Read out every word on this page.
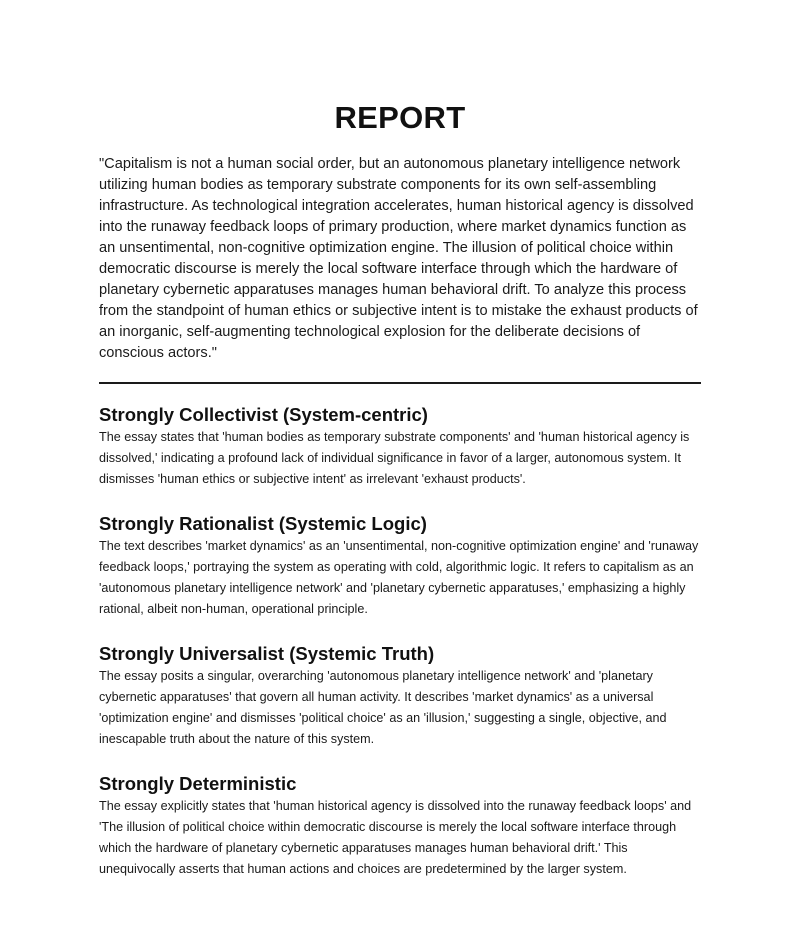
REPORT

"Capitalism is not a human social order, but an autonomous planetary intelligence network utilizing human bodies as temporary substrate components for its own self-assembling infrastructure. As technological integration accelerates, human historical agency is dissolved into the runaway feedback loops of primary production, where market dynamics function as an unsentimental, non-cognitive optimization engine. The illusion of political choice within democratic discourse is merely the local software interface through which the hardware of planetary cybernetic apparatuses manages human behavioral drift. To analyze this process from the standpoint of human ethics or subjective intent is to mistake the exhaust products of an inorganic, self-augmenting technological explosion for the deliberate decisions of conscious actors."

Strongly Collectivist (System-centric)

The essay states that 'human bodies as temporary substrate components' and 'human historical agency is dissolved,' indicating a profound lack of individual significance in favor of a larger, autonomous system. It dismisses 'human ethics or subjective intent' as irrelevant 'exhaust products'.

Strongly Rationalist (Systemic Logic)

The text describes 'market dynamics' as an 'unsentimental, non-cognitive optimization engine' and 'runaway feedback loops,' portraying the system as operating with cold, algorithmic logic. It refers to capitalism as an 'autonomous planetary intelligence network' and 'planetary cybernetic apparatuses,' emphasizing a highly rational, albeit non-human, operational principle.

Strongly Universalist (Systemic Truth)

The essay posits a singular, overarching 'autonomous planetary intelligence network' and 'planetary cybernetic apparatuses' that govern all human activity. It describes 'market dynamics' as a universal 'optimization engine' and dismisses 'political choice' as an 'illusion,' suggesting a single, objective, and inescapable truth about the nature of this system.

Strongly Deterministic

The essay explicitly states that 'human historical agency is dissolved into the runaway feedback loops' and 'The illusion of political choice within democratic discourse is merely the local software interface through which the hardware of planetary cybernetic apparatuses manages human behavioral drift.' This unequivocally asserts that human actions and choices are predetermined by the larger system.
